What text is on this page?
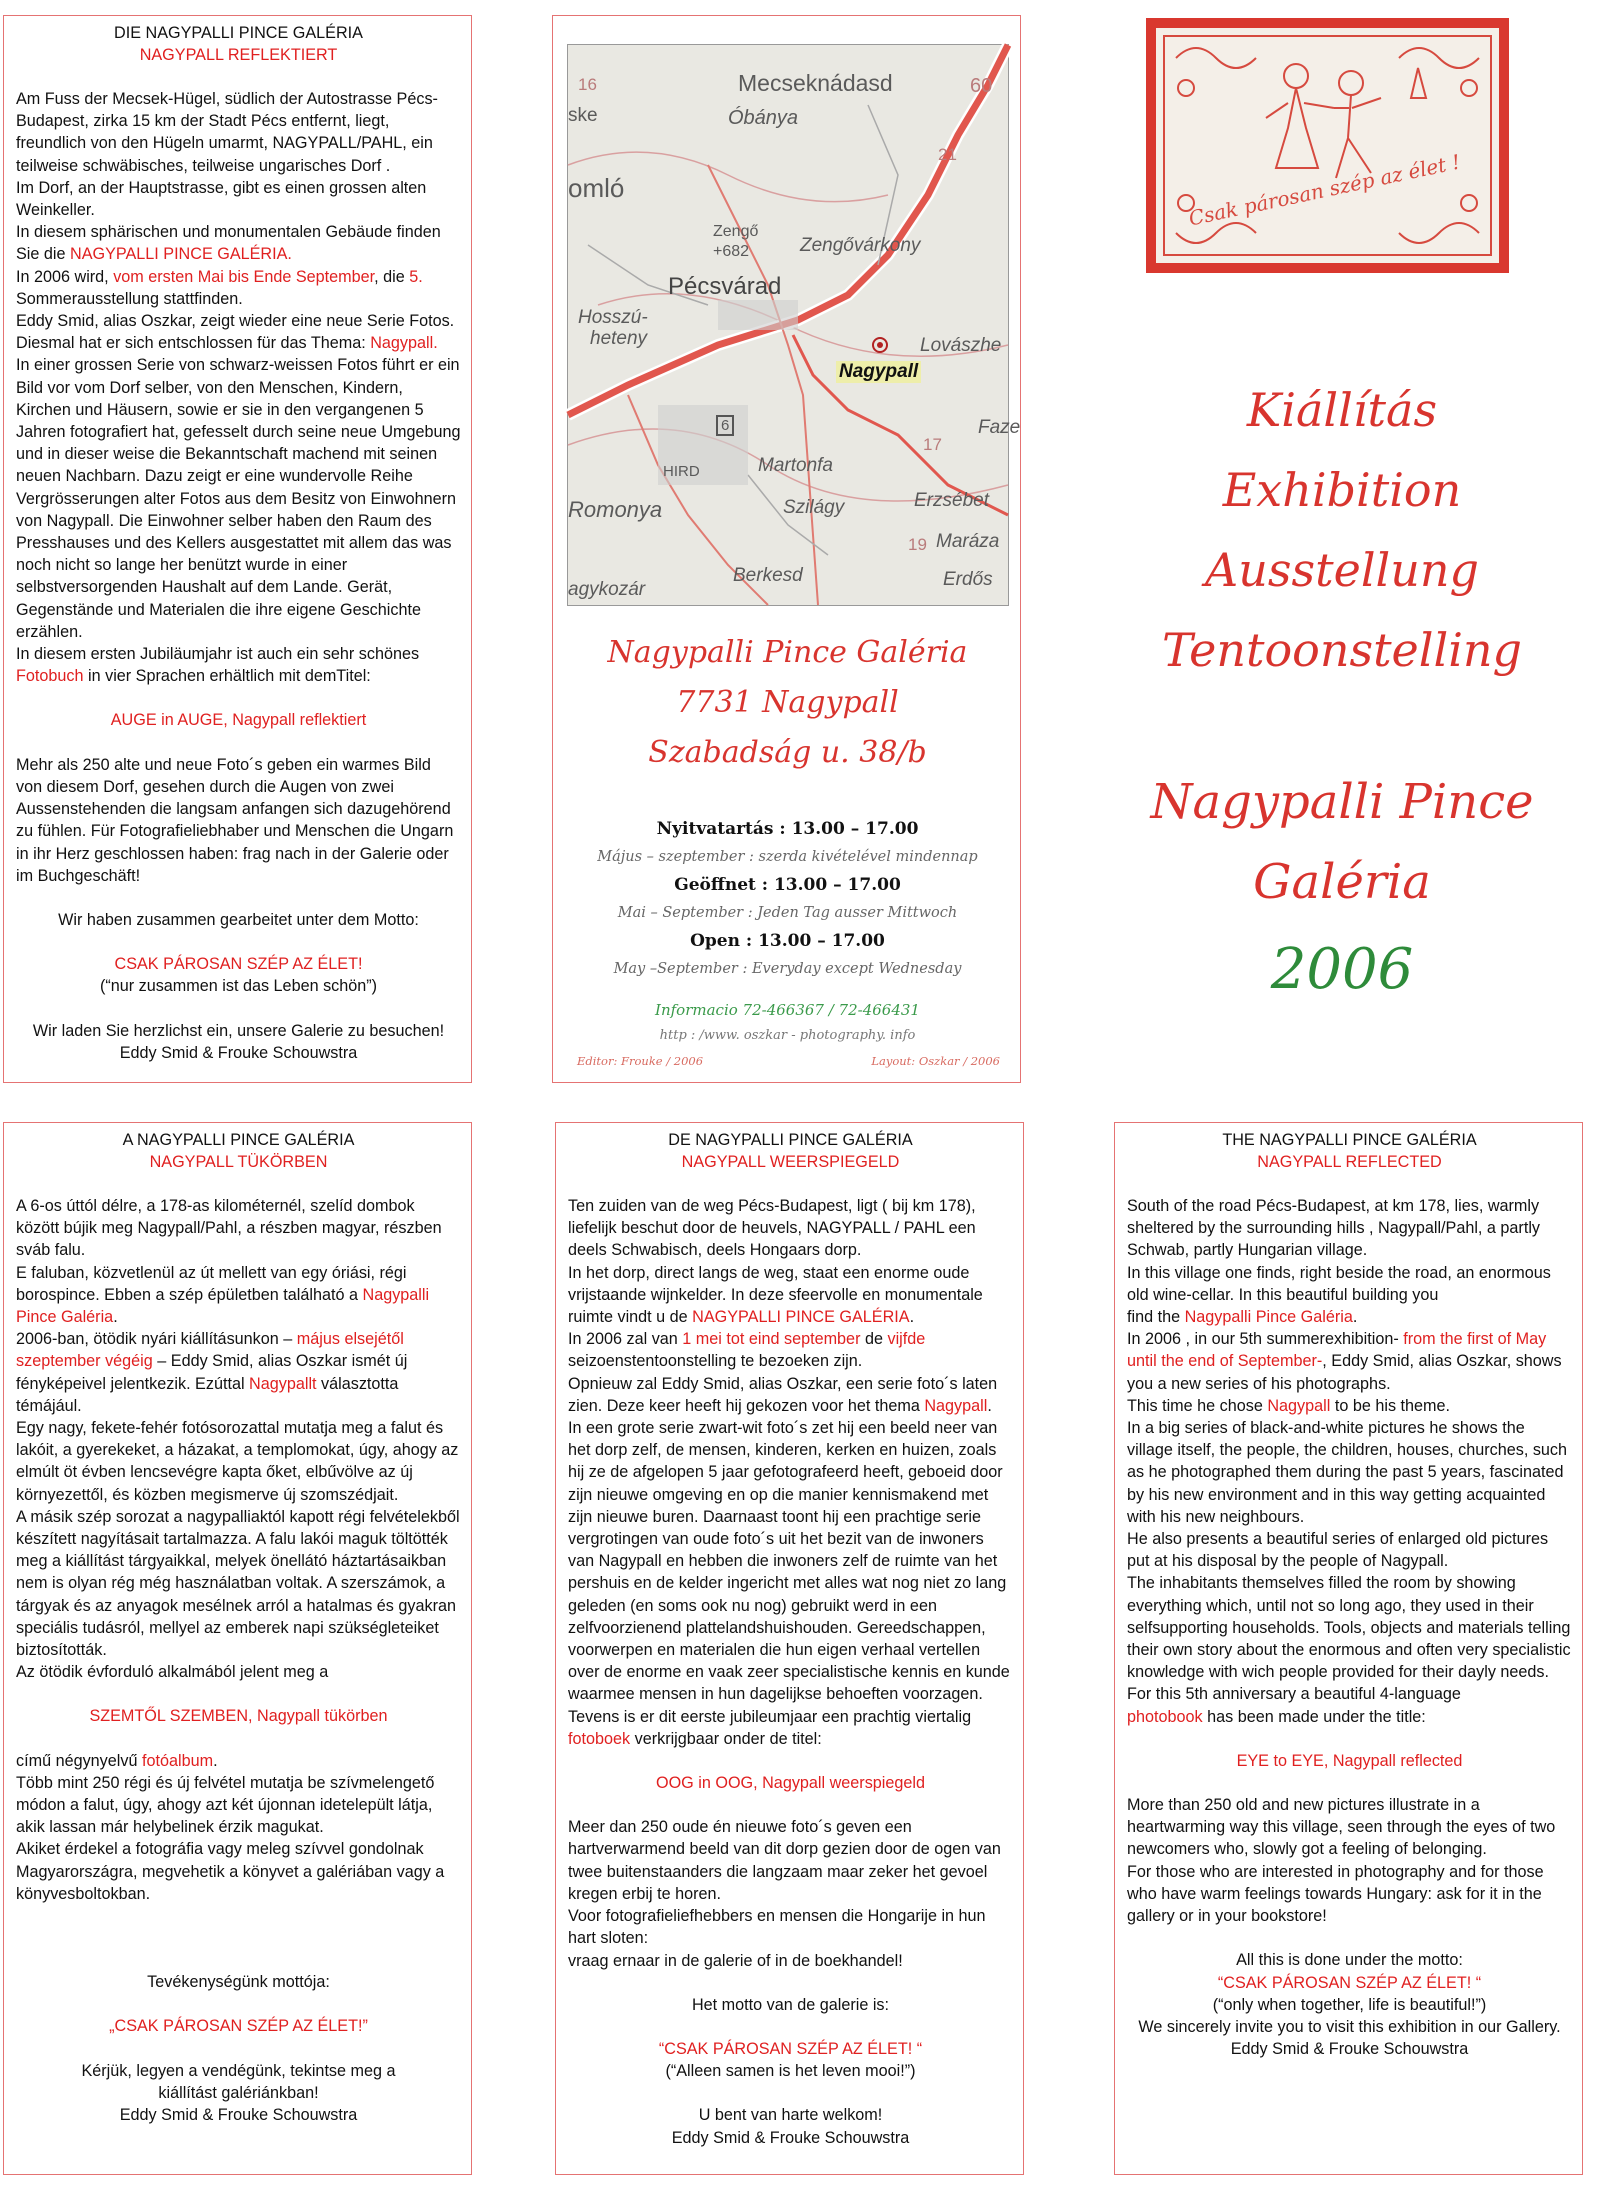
DIE NAGYPALLI PINCE GALÉRIA
NAGYPALL REFLEKTIERT

Am Fuss der Mecsek-Hügel, südlich der Autostrasse Pécs-Budapest, zirka 15 km der Stadt Pécs entfernt, liegt, freundlich von den Hügeln umarmt, NAGYPALL/PAHL, ein teilweise schwäbisches, teilweise ungarisches Dorf .

Im Dorf, an der Hauptstrasse, gibt es einen grossen alten Weinkeller.

In diesem sphärischen und monumentalen Gebäude finden Sie die NAGYPALLI PINCE GALÉRIA.

In 2006 wird, vom ersten Mai bis Ende September, die 5. Sommerausstellung stattfinden.

Eddy Smid, alias Oszkar, zeigt wieder eine neue Serie Fotos.

Diesmal hat er sich entschlossen für das Thema: Nagypall.

In einer grossen Serie von schwarz-weissen Fotos führt er ein Bild vor vom Dorf selber, von den Menschen, Kindern, Kirchen und Häusern, sowie er sie in den vergangenen 5 Jahren fotografiert hat, gefesselt durch seine neue Umgebung und in dieser weise die Bekanntschaft machend mit seinen neuen Nachbarn. Dazu zeigt er eine wundervolle Reihe Vergrösserungen alter Fotos aus dem Besitz von Einwohnern von Nagypall. Die Einwohner selber haben den Raum des Presshauses und des Kellers ausgestattet mit allem das was noch nicht so lange her benützt wurde in einer selbstversorgenden Haushalt auf dem Lande. Gerät, Gegenstände und Materialen die ihre eigene Geschichte erzählen.

In diesem ersten Jubiläumjahr ist auch ein sehr schönes

Fotobuch in vier Sprachen erhältlich mit demTitel:

AUGE in AUGE, Nagypall reflektiert

Mehr als 250 alte und neue Foto´s geben ein warmes Bild von diesem Dorf, gesehen durch die Augen von zwei Aussenstehenden die langsam anfangen sich dazugehörend zu fühlen. Für Fotografieliebhaber und Menschen die Ungarn in ihr Herz geschlossen haben: frag nach in der Galerie oder im Buchgeschäft!

Wir haben zusammen gearbeitet unter dem Motto:

CSAK PÁROSAN SZÉP AZ ÉLET!

(“nur zusammen ist das Leben schön”)

Wir laden Sie herzlichst ein, unsere Galerie zu besuchen!

Eddy Smid & Frouke Schouwstra

16
ske
Mecseknádasd
Óbánya
60
21
omló
Zengő
+682	Zengővárkony
Pécsvárad
Hosszú-
heteny	Lovászhe
Nagypall
Faze
6
17
Martonfa
HIRD
Romonya	Szilágy	Erzsébet
19 Maráza
Berkesd	Erdős
agykozár
Nagypalli Pince Galéria
7731 Nagypall
Szabadság u. 38/b
Nyitvatartás : 13.00 – 17.00
Május – szeptember : szerda kivételével mindennap
Geöffnet : 13.00 – 17.00
Mai – September : Jeden Tag ausser Mittwoch
Open : 13.00 – 17.00
May –September : Everyday except Wednesday
Informacio 72-466367 / 72-466431
http : /www. oszkar - photography. info
Editor: Frouke / 2006	Layout: Oszkar / 2006
Csak párosan szép az élet !
Kiállítás
Exhibition
Ausstellung
Tentoonstelling
Nagypalli Pince
Galéria
2006
A NAGYPALLI PINCE GALÉRIA
NAGYPALL TÜKÖRBEN

A 6-os úttól délre, a 178-as kilométernél, szelíd dombok között bújik meg Nagypall/Pahl, a részben magyar, részben sváb falu.

E faluban, közvetlenül az út mellett van egy óriási, régi borospince. Ebben a szép épületben található a Nagypalli Pince Galéria.

2006-ban, ötödik nyári kiállításunkon – május elsejétől szeptember végéig – Eddy Smid, alias Oszkar ismét új fényképeivel jelentkezik. Ezúttal Nagypallt választotta témájául.

Egy nagy, fekete-fehér fotósorozattal mutatja meg a falut és lakóit, a gyerekeket, a házakat, a templomokat, úgy, ahogy az elmúlt öt évben lencsevégre kapta őket, elbűvölve az új környezettől, és közben megismerve új szomszédjait.

A másik szép sorozat a nagypalliaktól kapott régi felvételekből készített nagyításait tartalmazza. A falu lakói maguk töltötték meg a kiállítást tárgyaikkal, melyek önellátó háztartásaikban nem is olyan rég még használatban voltak. A szerszámok, a tárgyak és az anyagok mesélnek arról a hatalmas és gyakran speciális tudásról, mellyel az emberek napi szükségleteiket biztosították.

Az ötödik évforduló alkalmából jelent meg a

SZEMTŐL SZEMBEN, Nagypall tükörben

című négynyelvű fotóalbum.

Több mint 250 régi és új felvétel mutatja be szívmelengető módon a falut, úgy, ahogy azt két újonnan idetelepült látja, akik lassan már helybelinek érzik magukat.

Akiket érdekel a fotográfia vagy meleg szívvel gondolnak Magyarországra, megvehetik a könyvet a galériában vagy a könyvesboltokban.

Tevékenységünk mottója:

„CSAK PÁROSAN SZÉP AZ ÉLET!”

Kérjük, legyen a vendégünk, tekintse meg a kiállítást galériánkban!

Eddy Smid & Frouke Schouwstra

DE NAGYPALLI PINCE GALÉRIA
NAGYPALL WEERSPIEGELD

Ten zuiden van de weg Pécs-Budapest, ligt ( bij km 178), liefelijk beschut door de heuvels, NAGYPALL / PAHL een deels Schwabisch, deels Hongaars dorp.

In het dorp, direct langs de weg, staat een enorme oude vrijstaande wijnkelder. In deze sfeervolle en monumentale ruimte vindt u de NAGYPALLI PINCE GALÉRIA.

In 2006 zal van 1 mei tot eind september de vijfde seizoenstentoonstelling te bezoeken zijn.

Opnieuw zal Eddy Smid, alias Oszkar, een serie foto´s laten zien. Deze keer heeft hij gekozen voor het thema Nagypall.

In een grote serie zwart-wit foto´s zet hij een beeld neer van het dorp zelf, de mensen, kinderen, kerken en huizen, zoals hij ze de afgelopen 5 jaar gefotografeerd heeft, geboeid door zijn nieuwe omgeving en op die manier kennismakend met zijn nieuwe buren. Daarnaast toont hij een prachtige serie vergrotingen van oude foto´s uit het bezit van de inwoners van Nagypall en hebben die inwoners zelf de ruimte van het pershuis en de kelder ingericht met alles wat nog niet zo lang geleden (en soms ook nu nog) gebruikt werd in een zelfvoorzienend plattelandshuishouden. Gereedschappen, voorwerpen en materialen die hun eigen verhaal vertellen over de enorme en vaak zeer specialistische kennis en kunde waarmee mensen in hun dagelijkse behoeften voorzagen.

Tevens is er dit eerste jubileumjaar een prachtig viertalig

fotoboek verkrijgbaar onder de titel:

OOG in OOG, Nagypall weerspiegeld

Meer dan 250 oude én nieuwe foto´s geven een hartverwarmend beeld van dit dorp gezien door de ogen van twee buitenstaanders die langzaam maar zeker het gevoel kregen erbij te horen.

Voor fotografieliefhebbers en mensen die Hongarije in hun hart sloten:

vraag ernaar in de galerie of in de boekhandel!

Het motto van de galerie is:

“CSAK PÁROSAN SZÉP AZ ÉLET! “

(“Alleen samen is het leven mooi!”)

U bent van harte welkom!

Eddy Smid & Frouke Schouwstra

THE NAGYPALLI PINCE GALÉRIA
NAGYPALL REFLECTED

South of the road Pécs-Budapest, at km 178, lies, warmly sheltered by the surrounding hills , Nagypall/Pahl, a partly Schwab, partly Hungarian village.

In this village one finds, right beside the road, an enormous old wine-cellar. In this beautiful building you

find the Nagypalli Pince Galéria.

In 2006 , in our 5th summerexhibition- from the first of May until the end of September-, Eddy Smid, alias Oszkar, shows you a new series of his photographs.

This time he chose Nagypall to be his theme.

In a big series of black-and-white pictures he shows the village itself, the people, the children, houses, churches, such as he photographed them during the past 5 years, fascinated by his new environment and in this way getting acquainted with his new neighbours.

He also presents a beautiful series of enlarged old pictures put at his disposal by the people of Nagypall.

The inhabitants themselves filled the room by showing everything which, until not so long ago, they used in their selfsupporting households. Tools, objects and materials telling their own story about the enormous and often very specialistic knowledge with wich people provided for their dayly needs.

For this 5th anniversary a beautiful 4-language

photobook has been made under the title:

EYE to EYE, Nagypall reflected

More than 250 old and new pictures illustrate in a heartwarming way this village, seen through the eyes of two newcomers who, slowly got a feeling of belonging.

For those who are interested in photography and for those who have warm feelings towards Hungary: ask for it in the gallery or in your bookstore!

All this is done under the motto:

“CSAK PÁROSAN SZÉP AZ ÉLET! “

(“only when together, life is beautiful!”)

We sincerely invite you to visit this exhibition in our Gallery.

Eddy Smid & Frouke Schouwstra
